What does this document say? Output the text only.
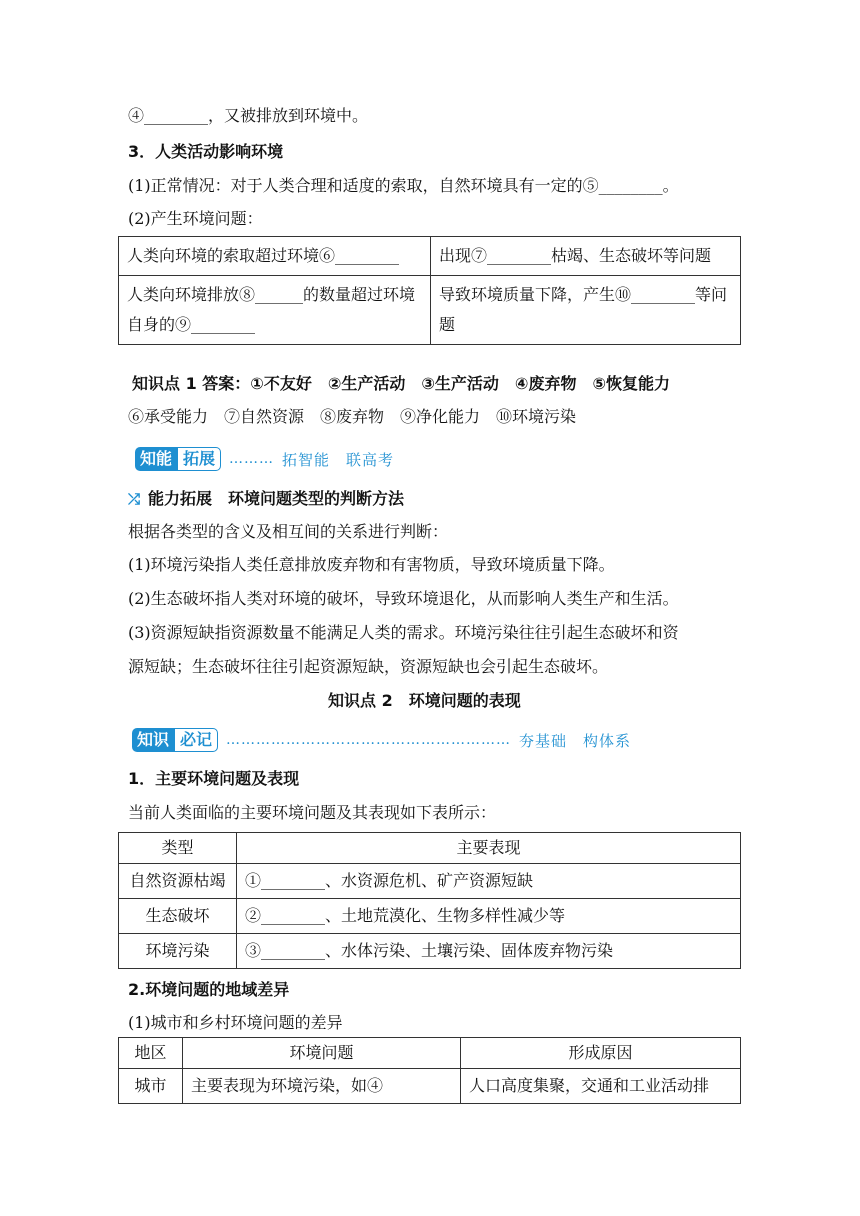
④________，又被排放到环境中。
3．人类活动影响环境
(1)正常情况：对于人类合理和适度的索取，自然环境具有一定的⑤________。
(2)产生环境问题：
人类向环境的索取超过环境⑥________	出现⑦________枯竭、生态破坏等问题
人类向环境排放⑧______的数量超过环境自身的⑨________	导致环境质量下降，产生⑩________等问题
知识点 1 答案：①不友好　②生产活动　③生产活动　④废弃物　⑤恢复能力
⑥承受能力　⑦自然资源　⑧废弃物　⑨净化能力　⑩环境污染
知能 拓展	……… 拓智能　联高考
⤮ 能力拓展　环境问题类型的判断方法
根据各类型的含义及相互间的关系进行判断：
(1)环境污染指人类任意排放废弃物和有害物质，导致环境质量下降。
(2)生态破坏指人类对环境的破坏，导致环境退化，从而影响人类生产和生活。
(3)资源短缺指资源数量不能满足人类的需求。环境污染往往引起生态破坏和资
源短缺；生态破坏往往引起资源短缺，资源短缺也会引起生态破坏。
知识点 2　环境问题的表现
知识 必记	………………………………………………… 夯基础　构体系
1．主要环境问题及表现
当前人类面临的主要环境问题及其表现如下表所示：
类型	主要表现
自然资源枯竭	①________、水资源危机、矿产资源短缺
生态破坏	②________、土地荒漠化、生物多样性减少等
环境污染	③________、水体污染、土壤污染、固体废弃物污染
2.环境问题的地域差异
(1)城市和乡村环境问题的差异
地区	环境问题	形成原因
城市	主要表现为环境污染，如④	人口高度集聚，交通和工业活动排
